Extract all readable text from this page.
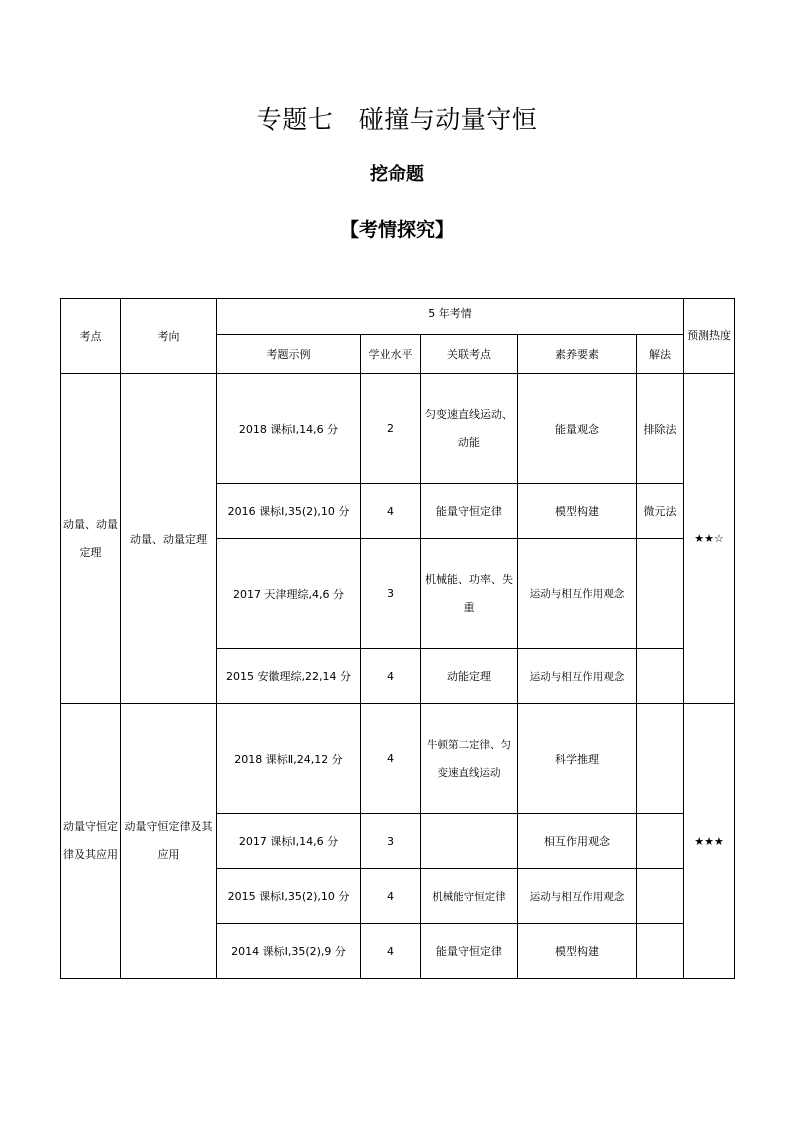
专题七　碰撞与动量守恒
挖命题
【考情探究】
考点	考向	5 年考情					预测热度
		考题示例	学业水平	关联考点	素养要素	解法	
动量、动量定理	动量、动量定理	2018 课标Ⅰ,14,6 分	2	匀变速直线运动、动能	能量观念	排除法	★★☆
		2016 课标Ⅰ,35(2),10 分	4	能量守恒定律	模型构建	微元法	
		2017 天津理综,4,6 分	3	机械能、功率、失重	运动与相互作用观念		
		2015 安徽理综,22,14 分	4	动能定理	运动与相互作用观念		
动量守恒定律及其应用	动量守恒定律及其应用	2018 课标Ⅱ,24,12 分	4	牛顿第二定律、匀变速直线运动	科学推理		★★★
		2017 课标Ⅰ,14,6 分	3		相互作用观念		
		2015 课标Ⅰ,35(2),10 分	4	机械能守恒定律	运动与相互作用观念		
		2014 课标Ⅰ,35(2),9 分	4	能量守恒定律	模型构建		
